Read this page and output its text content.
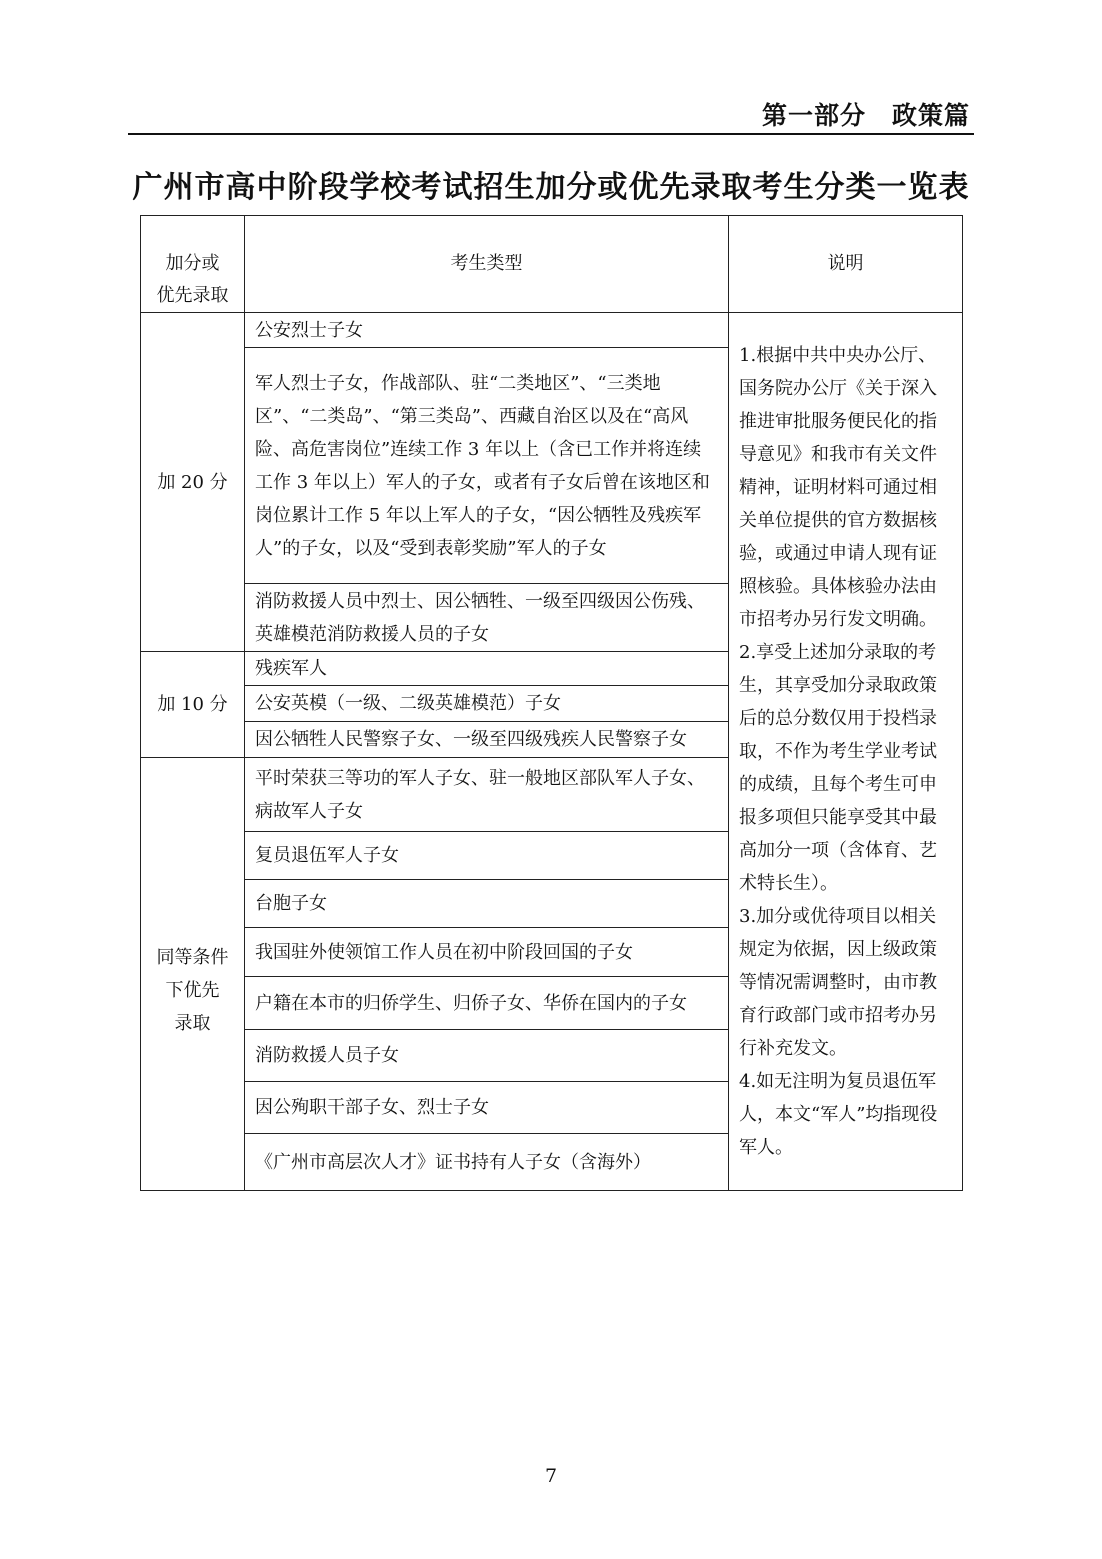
第一部分　政策篇
广州市高中阶段学校考试招生加分或优先录取考生分类一览表

加分或
优先录取	考生类型	说明
加 20 分	公安烈士子女	1.根据中共中央办公厅、国务院办公厅《关于深入推进审批服务便民化的指导意见》和我市有关文件精神，证明材料可通过相关单位提供的官方数据核验，或通过申请人现有证照核验。具体核验办法由市招考办另行发文明确。
2.享受上述加分录取的考生，其享受加分录取政策后的总分数仅用于投档录取，不作为考生学业考试的成绩，且每个考生可申报多项但只能享受其中最高加分一项（含体育、艺术特长生）。
3.加分或优待项目以相关规定为依据，因上级政策等情况需调整时，由市教育行政部门或市招考办另行补充发文。
4.如无注明为复员退伍军人，本文“军人”均指现役军人。

	军人烈士子女，作战部队、驻“二类地区”、“三类地区”、“二类岛”、“第三类岛”、西藏自治区以及在“高风险、高危害岗位”连续工作 3 年以上（含已工作并将连续工作 3 年以上）军人的子女，或者有子女后曾在该地区和岗位累计工作 5 年以上军人的子女，“因公牺牲及残疾军人”的子女，以及“受到表彰奖励”军人的子女	
	消防救援人员中烈士、因公牺牲、一级至四级因公伤残、英雄模范消防救援人员的子女	
加 10 分	残疾军人	
	公安英模（一级、二级英雄模范）子女	
	因公牺牲人民警察子女、一级至四级残疾人民警察子女	

同等条件
下优先
录取	平时荣获三等功的军人子女、驻一般地区部队军人子女、病故军人子女	
	复员退伍军人子女	
	台胞子女	
	我国驻外使领馆工作人员在初中阶段回国的子女	
	户籍在本市的归侨学生、归侨子女、华侨在国内的子女	
	消防救援人员子女	
	因公殉职干部子女、烈士子女	
	《广州市高层次人才》证书持有人子女（含海外）	
7
